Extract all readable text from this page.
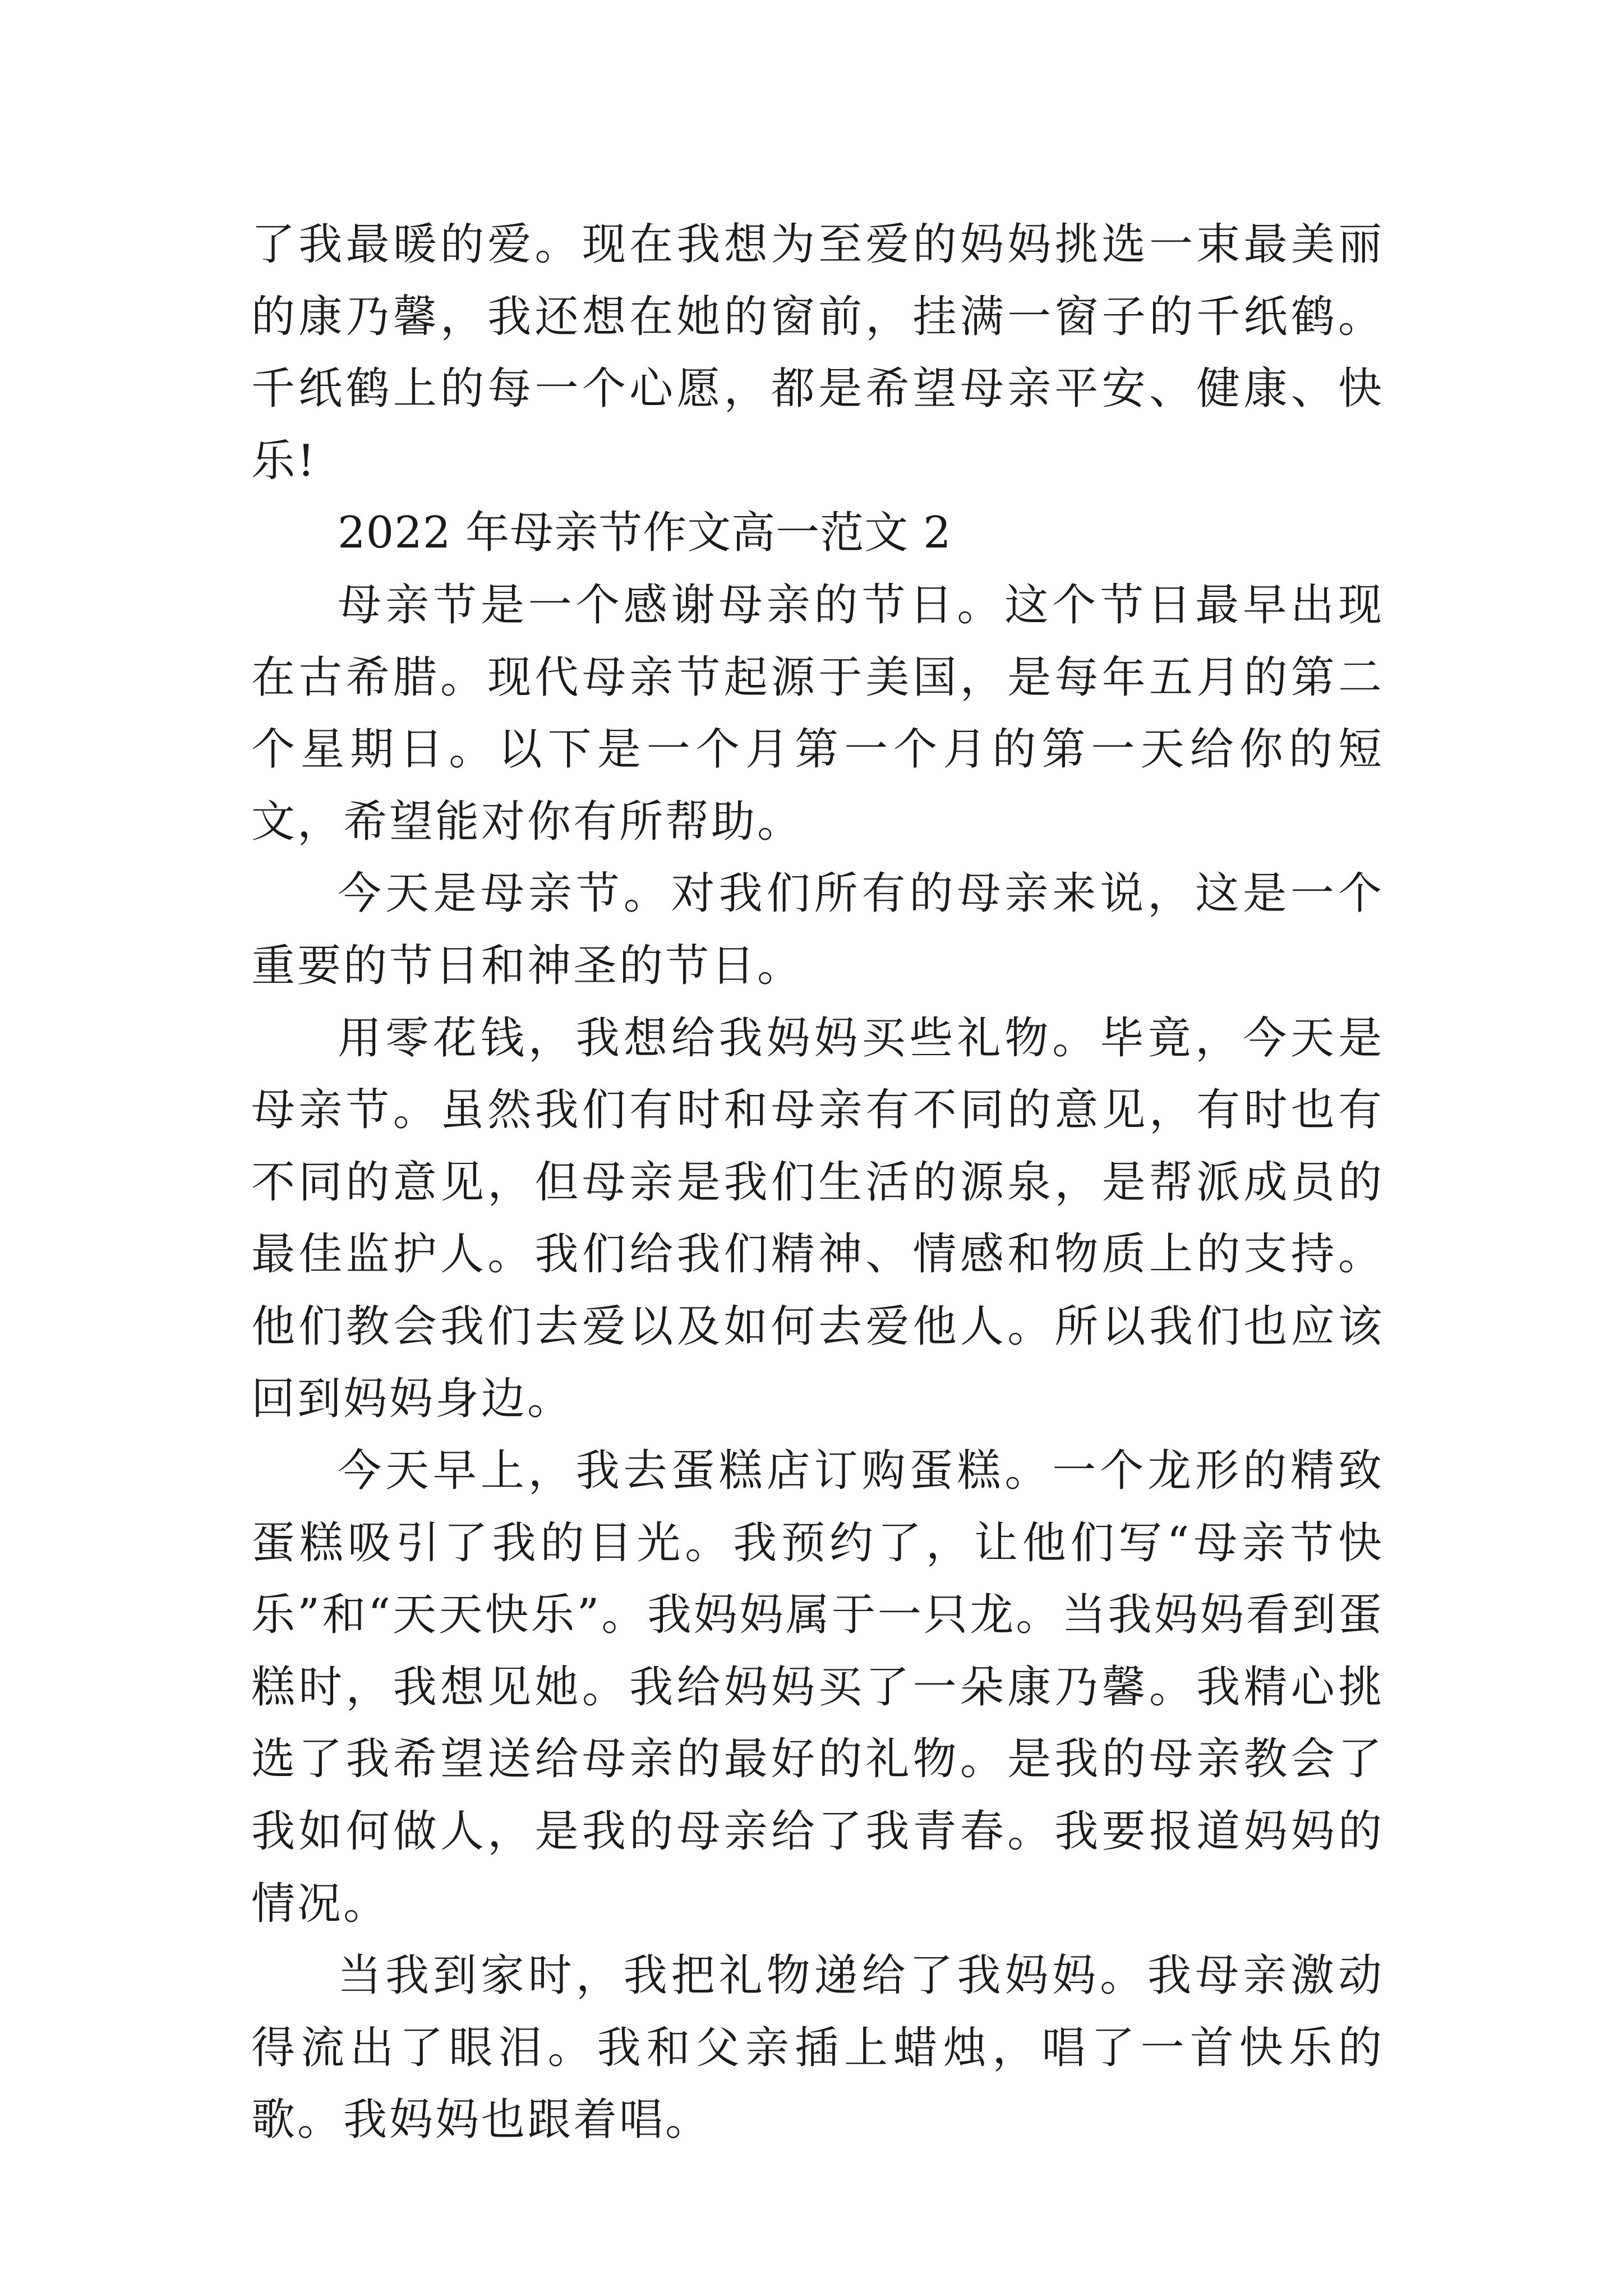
了我最暖的爱。现在我想为至爱的妈妈挑选一束最美丽的康乃馨，我还想在她的窗前，挂满一窗子的千纸鹤。千纸鹤上的每一个心愿，都是希望母亲平安、健康、快乐!

2022 年母亲节作文高一范文 2

母亲节是一个感谢母亲的节日。这个节日最早出现在古希腊。现代母亲节起源于美国，是每年五月的第二个星期日。以下是一个月第一个月的第一天给你的短文，希望能对你有所帮助。

今天是母亲节。对我们所有的母亲来说，这是一个重要的节日和神圣的节日。

用零花钱，我想给我妈妈买些礼物。毕竟，今天是母亲节。虽然我们有时和母亲有不同的意见，有时也有不同的意见，但母亲是我们生活的源泉，是帮派成员的最佳监护人。我们给我们精神、情感和物质上的支持。他们教会我们去爱以及如何去爱他人。所以我们也应该回到妈妈身边。

今天早上，我去蛋糕店订购蛋糕。一个龙形的精致蛋糕吸引了我的目光。我预约了，让他们写“母亲节快乐”和“天天快乐”。我妈妈属于一只龙。当我妈妈看到蛋糕时，我想见她。我给妈妈买了一朵康乃馨。我精心挑选了我希望送给母亲的最好的礼物。是我的母亲教会了我如何做人，是我的母亲给了我青春。我要报道妈妈的情况。

当我到家时，我把礼物递给了我妈妈。我母亲激动得流出了眼泪。我和父亲插上蜡烛，唱了一首快乐的歌。我妈妈也跟着唱。
